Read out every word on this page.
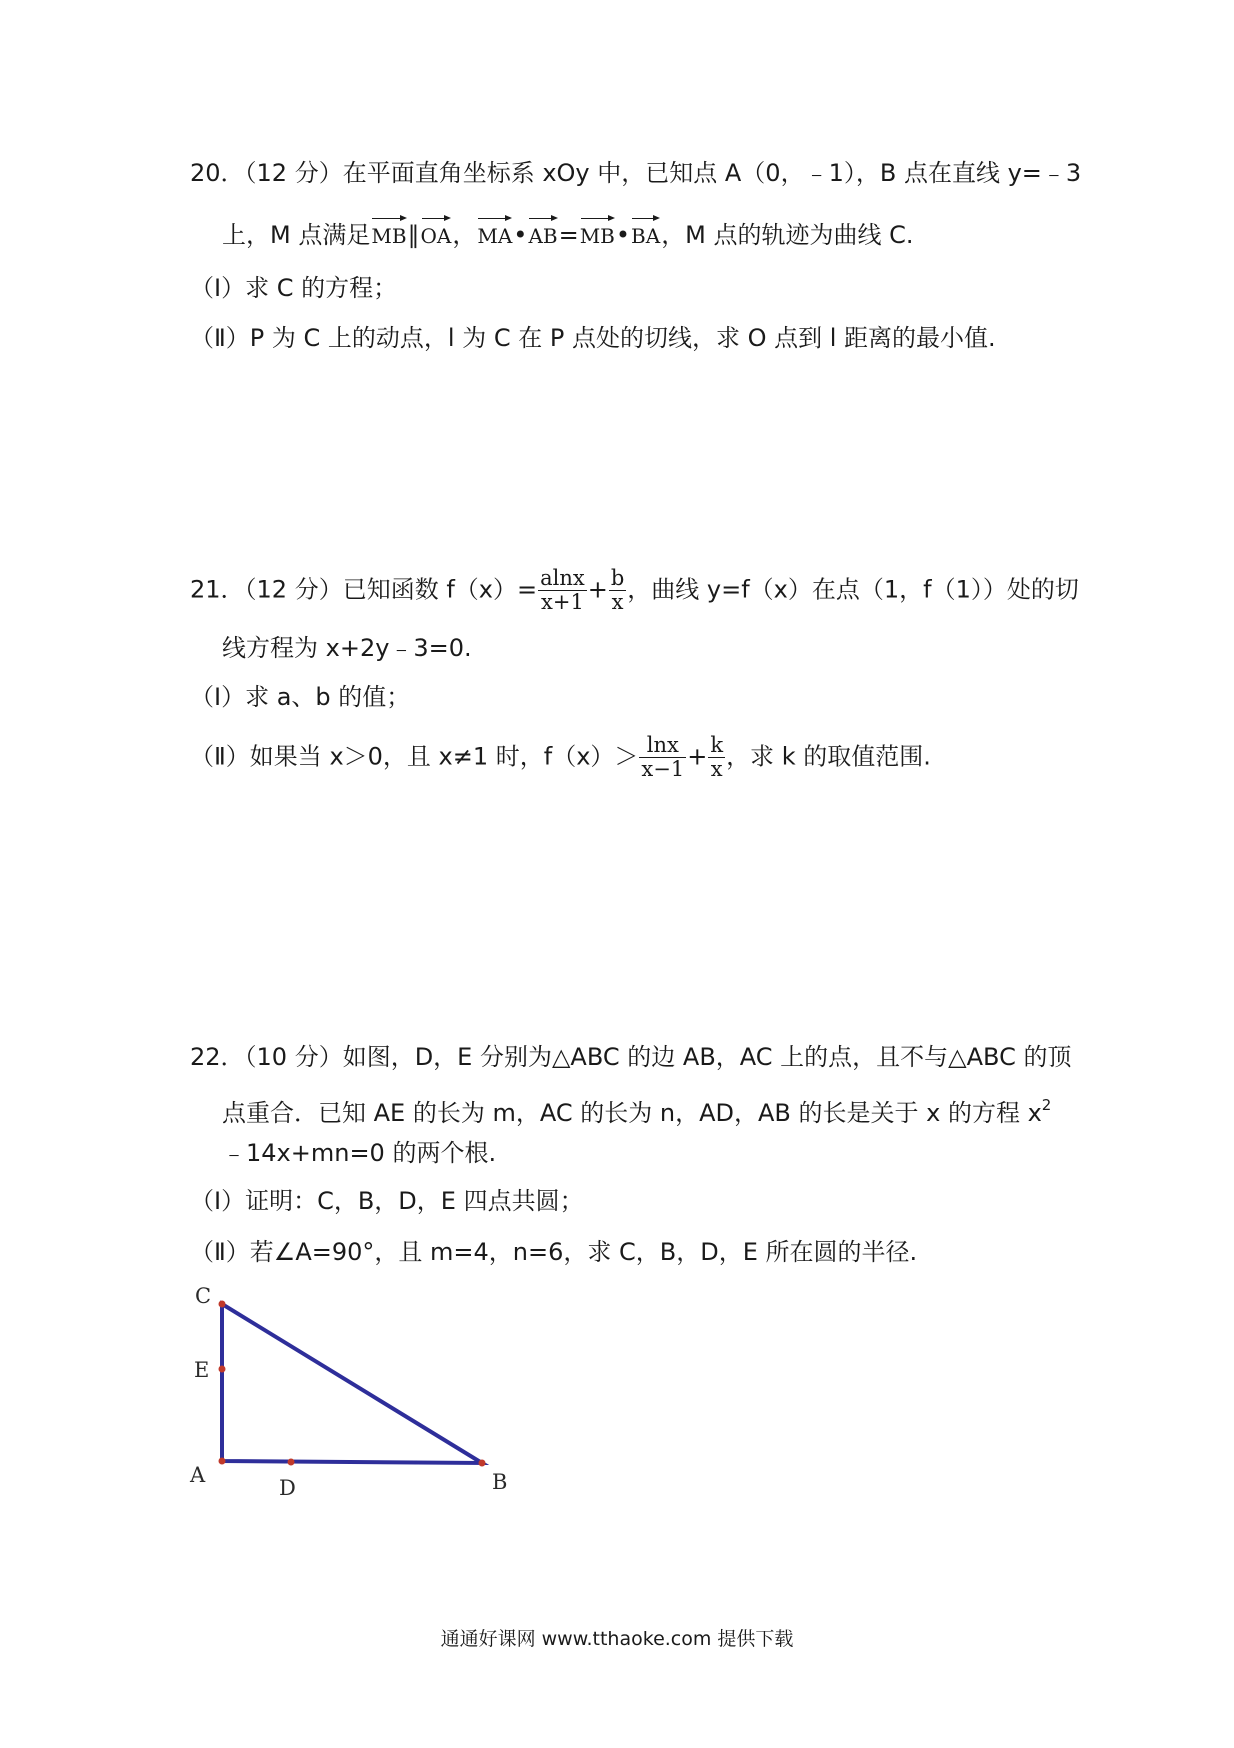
20．（12 分）在平面直角坐标系 xOy 中，已知点 A（0，﹣1），B 点在直线 y=﹣3
上，M 点满足MB∥OA，MA•AB=MB•BA，M 点的轨迹为曲线 C.
（Ⅰ）求 C 的方程；
（Ⅱ）P 为 C 上的动点，l 为 C 在 P 点处的切线，求 O 点到 l 距离的最小值.
21．（12 分）已知函数 $f(x)= \frac{alnx}{x+1} + \frac{b}{x}$ ，曲线 y=f（x）在点（1，f（1））处的切
线方程为 x+2y﹣3=0.
（Ⅰ）求 a、b 的值；
（Ⅱ）如果当 x＞0，且 x≠1 时，$f(x)> \frac{\ln x}{x-1} + \frac{k}{x}$ ，求 k 的取值范围.
22．（10 分）如图，D，E 分别为△ABC 的边 AB，AC 上的点，且不与△ABC 的顶
点重合．已知 AE 的长为 m，AC 的长为 n，AD，AB 的长是关于 x 的方程 $x^2$
﹣14x+mn=0 的两个根.
（Ⅰ）证明：C，B，D，E 四点共圆；
（Ⅱ）若∠A=90°，且 m=4，n=6，求 C，B，D，E 所在圆的半径.
C
E
A
D	B
通通好课网 www.tthaoke.com 提供下载
